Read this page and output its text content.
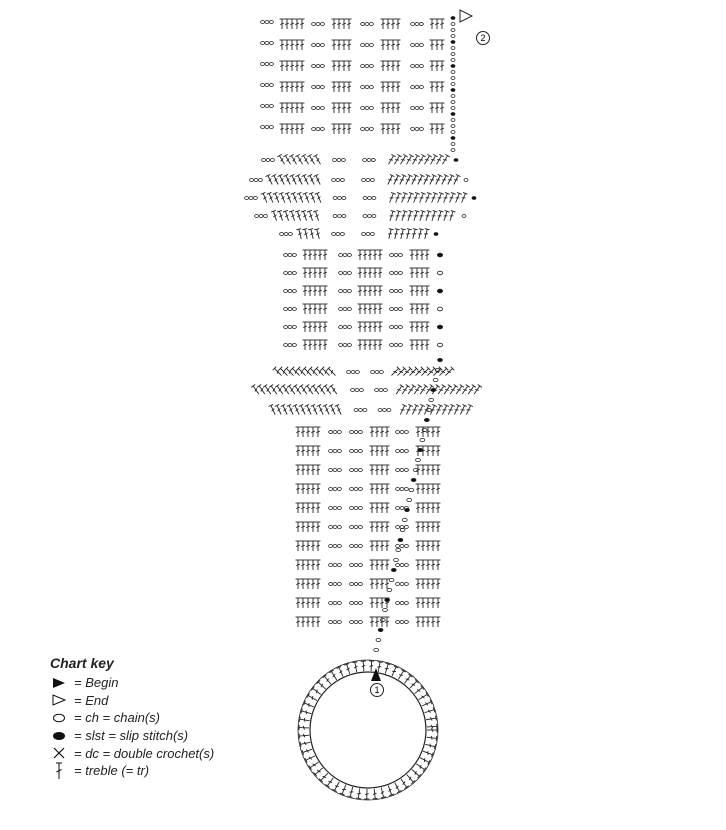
2
1
Chart key
= Begin
= End
= ch = chain(s)
= slst = slip stitch(s)
= dc = double crochet(s)
= treble (= tr)
